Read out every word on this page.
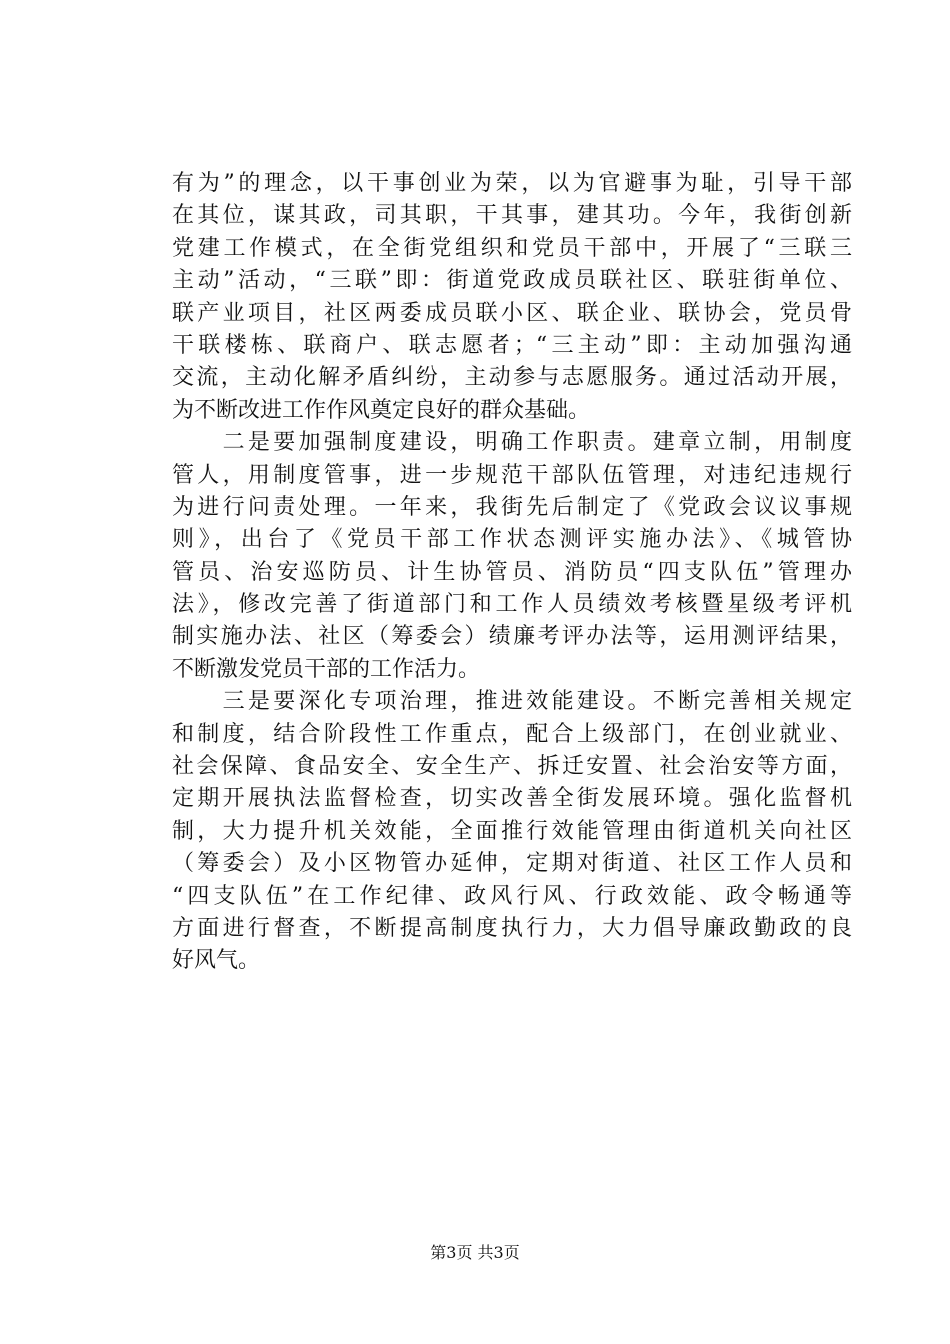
有为”的理念，以干事创业为荣，以为官避事为耻，引导干部
在其位，谋其政，司其职，干其事，建其功。今年，我街创新
党建工作模式，在全街党组织和党员干部中，开展了“三联三
主动”活动，“三联”即：街道党政成员联社区、联驻街单位、
联产业项目，社区两委成员联小区、联企业、联协会，党员骨
干联楼栋、联商户、联志愿者；“三主动”即：主动加强沟通
交流，主动化解矛盾纠纷，主动参与志愿服务。通过活动开展，
为不断改进工作作风奠定良好的群众基础。
　　二是要加强制度建设，明确工作职责。建章立制，用制度
管人，用制度管事，进一步规范干部队伍管理，对违纪违规行
为进行问责处理。一年来，我街先后制定了《党政会议议事规
则》，出台了《党员干部工作状态测评实施办法》、《城管协
管员、治安巡防员、计生协管员、消防员“四支队伍”管理办
法》，修改完善了街道部门和工作人员绩效考核暨星级考评机
制实施办法、社区（筹委会）绩廉考评办法等，运用测评结果，
不断激发党员干部的工作活力。
　　三是要深化专项治理，推进效能建设。不断完善相关规定
和制度，结合阶段性工作重点，配合上级部门，在创业就业、
社会保障、食品安全、安全生产、拆迁安置、社会治安等方面，
定期开展执法监督检查，切实改善全街发展环境。强化监督机
制，大力提升机关效能，全面推行效能管理由街道机关向社区
（筹委会）及小区物管办延伸，定期对街道、社区工作人员和
“四支队伍”在工作纪律、政风行风、行政效能、政令畅通等
方面进行督查，不断提高制度执行力，大力倡导廉政勤政的良
好风气。
第3页 共3页
